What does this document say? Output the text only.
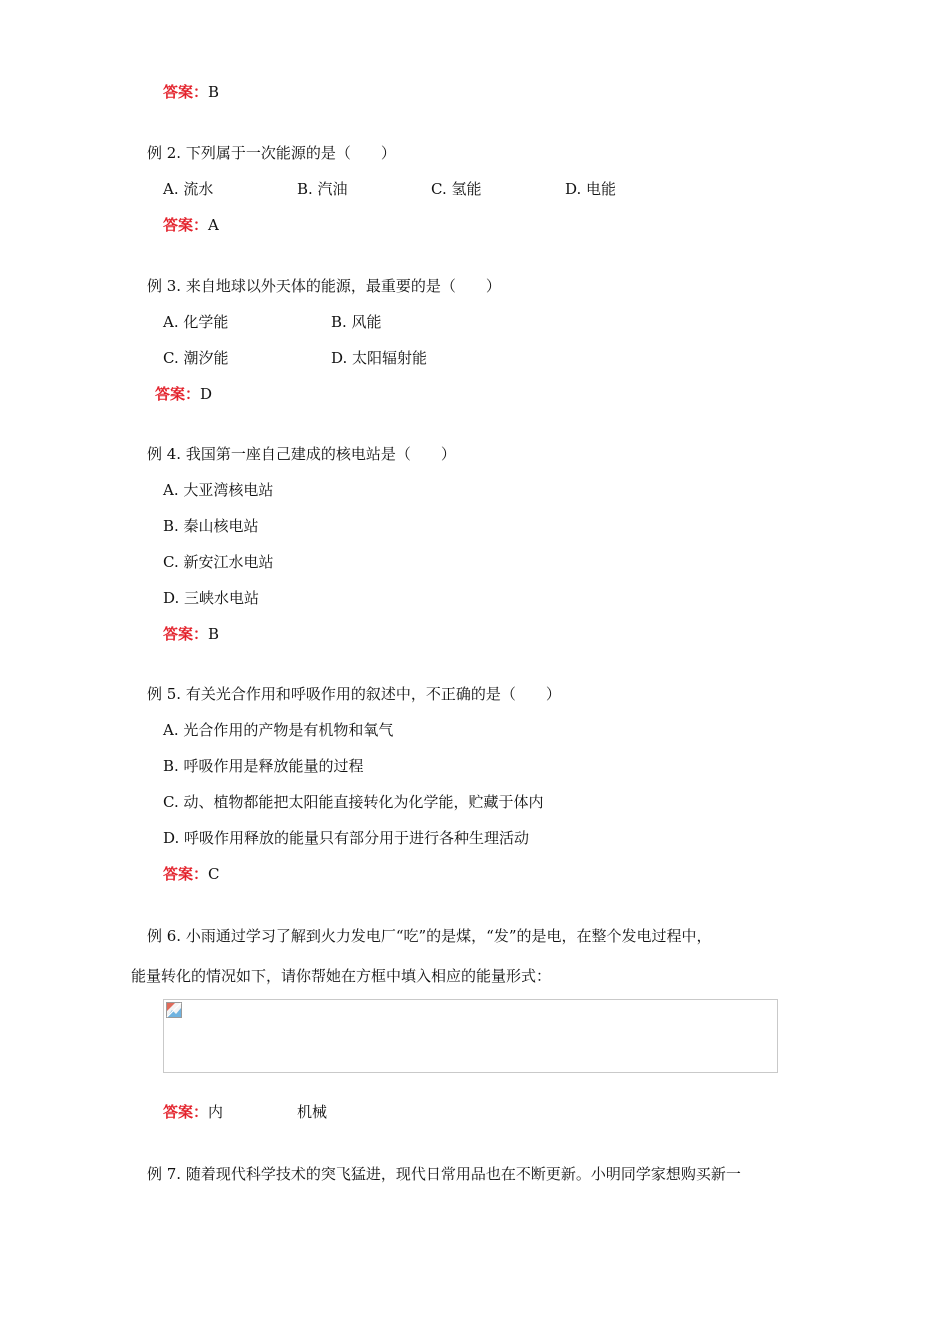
答案：B
例 2. 下列属于一次能源的是（　　）
A. 流水	B. 汽油	C. 氢能	D. 电能
答案：A
例 3. 来自地球以外天体的能源，最重要的是（　　）
A. 化学能	B. 风能
C. 潮汐能	D. 太阳辐射能
答案：D
例 4. 我国第一座自己建成的核电站是（　　）
A. 大亚湾核电站
B. 秦山核电站
C. 新安江水电站
D. 三峡水电站
答案：B
例 5. 有关光合作用和呼吸作用的叙述中，不正确的是（　　）
A. 光合作用的产物是有机物和氧气
B. 呼吸作用是释放能量的过程
C. 动、植物都能把太阳能直接转化为化学能，贮藏于体内
D. 呼吸作用释放的能量只有部分用于进行各种生理活动
答案：C
例 6. 小雨通过学习了解到火力发电厂“吃”的是煤，“发”的是电，在整个发电过程中，
能量转化的情况如下，请你帮她在方框中填入相应的能量形式：
答案：内	机械
例 7. 随着现代科学技术的突飞猛进，现代日常用品也在不断更新。小明同学家想购买新一
